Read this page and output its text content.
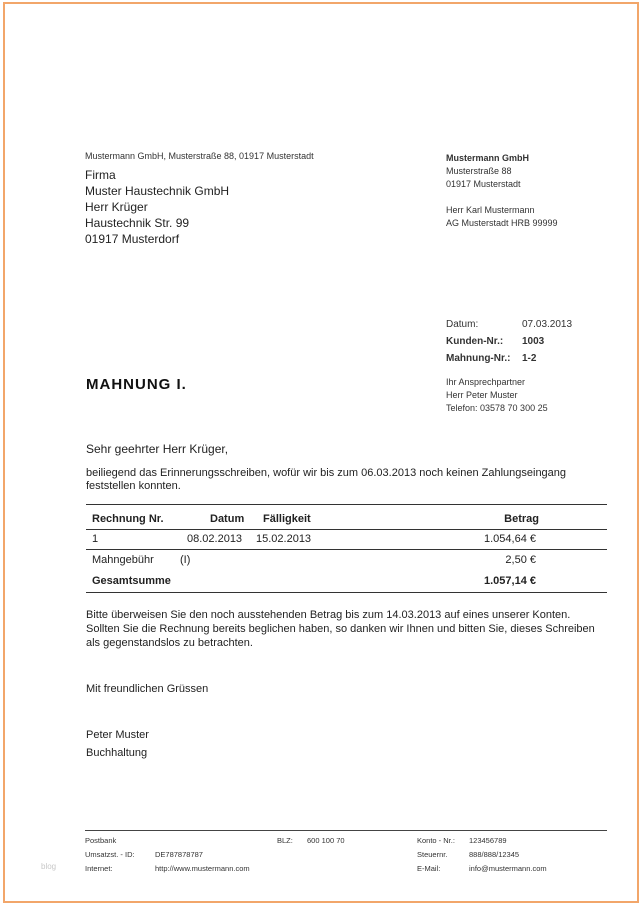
Mustermann GmbH, Musterstraße 88, 01917 Musterstadt
Firma
Muster Haustechnik GmbH
Herr Krüger
Haustechnik Str. 99
01917 Musterdorf
Mustermann GmbH
Musterstraße 88
01917 Musterstadt
Herr Karl Mustermann
AG Musterstadt HRB 99999
Datum:	07.03.2013
Kunden-Nr.: 1003
Mahnung-Nr.: 1-2
Ihr Ansprechpartner
Herr Peter Muster
Telefon: 03578 70 300 25
MAHNUNG I.
Sehr geehrter Herr Krüger,
beiliegend das Erinnerungsschreiben, wofür wir bis zum 06.03.2013 noch keinen Zahlungseingang feststellen konnten.
Rechnung Nr.	Datum Fälligkeit	Betrag
1	08.02.2013 15.02.2013	1.054,64 €
Mahngebühr (I)	2,50 €
Gesamtsumme	1.057,14 €
Bitte überweisen Sie den noch ausstehenden Betrag bis zum 14.03.2013 auf eines unserer Konten. Sollten Sie die Rechnung bereits beglichen haben, so danken wir Ihnen und bitten Sie, dieses Schreiben als gegenstandslos zu betrachten.
Mit freundlichen Grüssen
Peter Muster
Buchhaltung
Postbank
Umsatzst. - ID:	DE787878787
Internet:	http://www.mustermann.com
BLZ: 600 100 70	Konto - Nr.: 123456789
Steuernr.	888/888/12345
E-Mail:	info@mustermann.com
blog
